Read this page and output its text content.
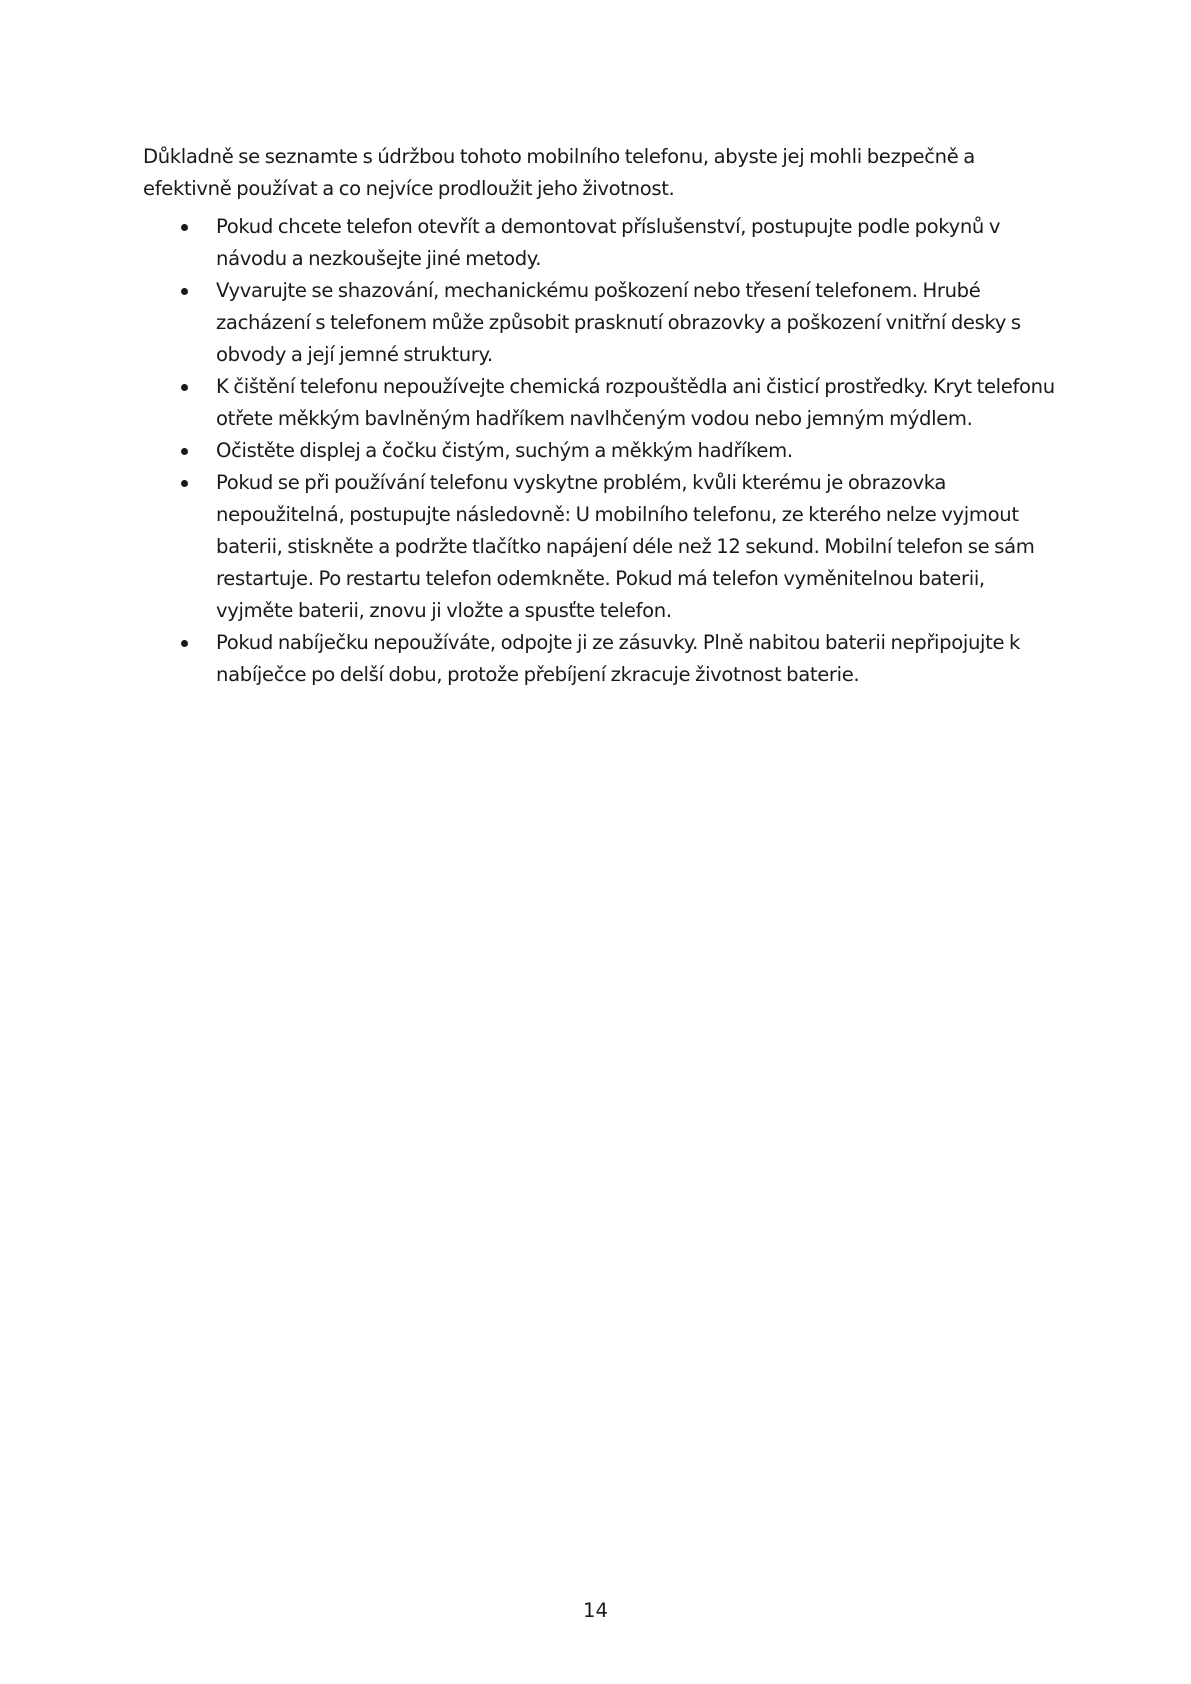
Důkladně se seznamte s údržbou tohoto mobilního telefonu, abyste jej mohli bezpečně a efektivně používat a co nejvíce prodloužit jeho životnost.

Pokud chcete telefon otevřít a demontovat příslušenství, postupujte podle pokynů v návodu a nezkoušejte jiné metody.
Vyvarujte se shazování, mechanickému poškození nebo třesení telefonem. Hrubé zacházení s telefonem může způsobit prasknutí obrazovky a poškození vnitřní desky s obvody a její jemné struktury.
K čištění telefonu nepoužívejte chemická rozpouštědla ani čisticí prostředky. Kryt telefonu otřete měkkým bavlněným hadříkem navlhčeným vodou nebo jemným mýdlem.
Očistěte displej a čočku čistým, suchým a měkkým hadříkem.
Pokud se při používání telefonu vyskytne problém, kvůli kterému je obrazovka nepoužitelná, postupujte následovně: U mobilního telefonu, ze kterého nelze vyjmout baterii, stiskněte a podržte tlačítko napájení déle než 12 sekund. Mobilní telefon se sám restartuje. Po restartu telefon odemkněte. Pokud má telefon vyměnitelnou baterii, vyjměte baterii, znovu ji vložte a spusťte telefon.
Pokud nabíječku nepoužíváte, odpojte ji ze zásuvky. Plně nabitou baterii nepřipojujte k nabíječce po delší dobu, protože přebíjení zkracuje životnost baterie.
14
